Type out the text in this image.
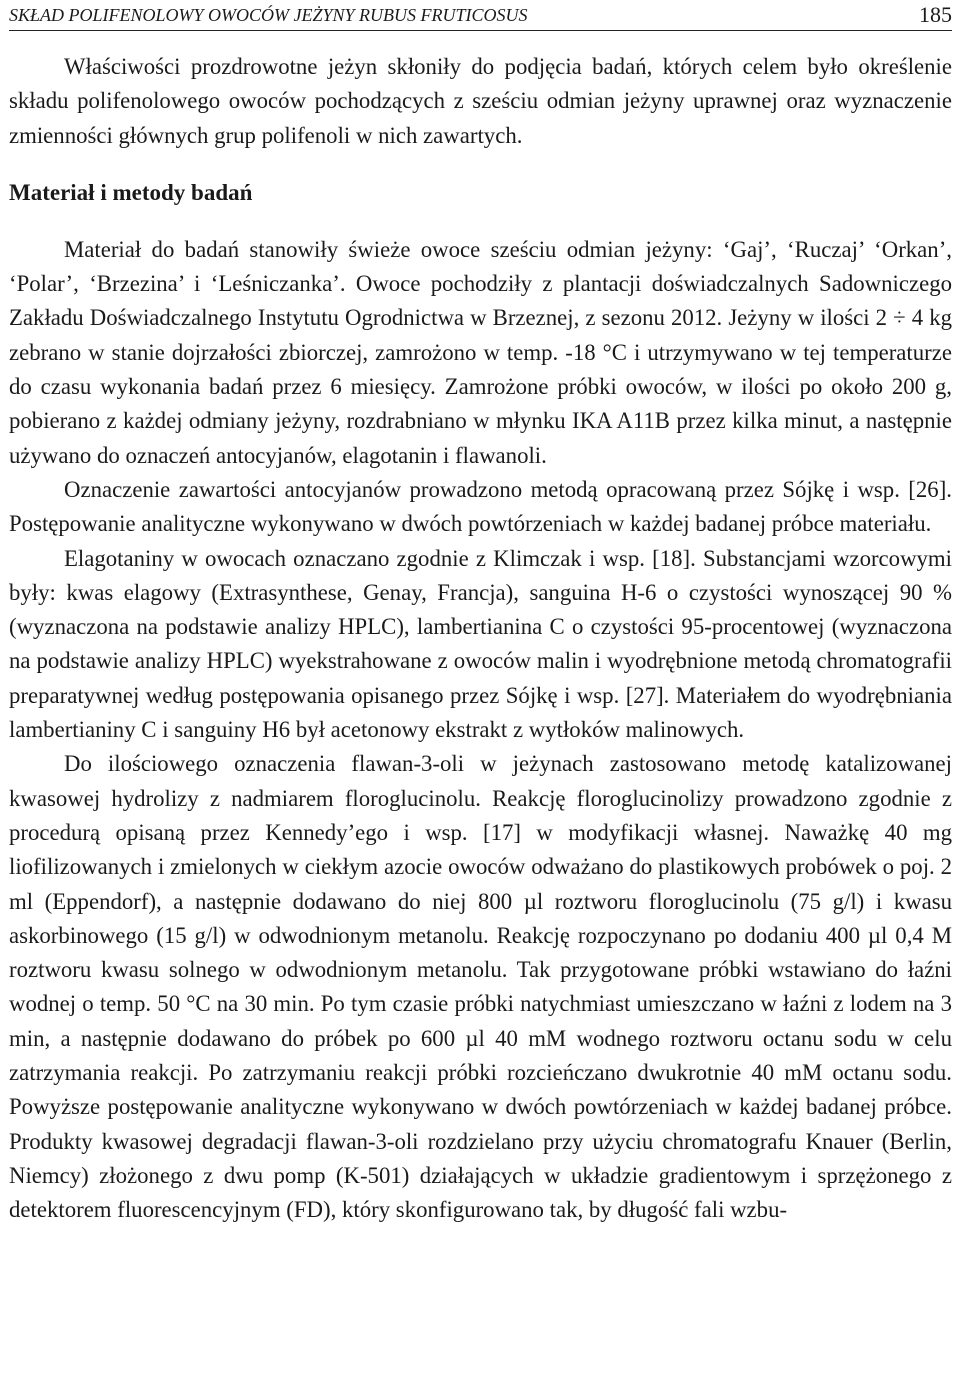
SKŁAD POLIFENOLOWY OWOCÓW JEŻYNY RUBUS FRUTICOSUS	185

Właściwości prozdrowotne jeżyn skłoniły do podjęcia badań, których celem było określenie składu polifenolowego owoców pochodzących z sześciu odmian jeżyny uprawnej oraz wyznaczenie zmienności głównych grup polifenoli w nich zawartych.

Materiał i metody badań

Materiał do badań stanowiły świeże owoce sześciu odmian jeżyny: ‘Gaj’, ‘Ruczaj’ ‘Orkan’, ‘Polar’, ‘Brzezina’ i ‘Leśniczanka’. Owoce pochodziły z plantacji doświadczalnych Sadowniczego Zakładu Doświadczalnego Instytutu Ogrodnictwa w Brzeznej, z sezonu 2012. Jeżyny w ilości 2 ÷ 4 kg zebrano w stanie dojrzałości zbiorczej, zamrożono w temp. -18 °C i utrzymywano w tej temperaturze do czasu wykonania badań przez 6 miesięcy. Zamrożone próbki owoców, w ilości po około 200 g, pobierano z każdej odmiany jeżyny, rozdrabniano w młynku IKA A11B przez kilka minut, a następnie używano do oznaczeń antocyjanów, elagotanin i flawanoli.

Oznaczenie zawartości antocyjanów prowadzono metodą opracowaną przez Sójkę i wsp. [26]. Postępowanie analityczne wykonywano w dwóch powtórzeniach w każdej badanej próbce materiału.

Elagotaniny w owocach oznaczano zgodnie z Klimczak i wsp. [18]. Substancjami wzorcowymi były: kwas elagowy (Extrasynthese, Genay, Francja), sanguina H-6 o czystości wynoszącej 90 % (wyznaczona na podstawie analizy HPLC), lambertianina C o czystości 95-procentowej (wyznaczona na podstawie analizy HPLC) wyekstrahowane z owoców malin i wyodrębnione metodą chromatografii preparatywnej według postępowania opisanego przez Sójkę i wsp. [27]. Materiałem do wyodrębniania lambertianiny C i sanguiny H6 był acetonowy ekstrakt z wytłoków malinowych.

Do ilościowego oznaczenia flawan-3-oli w jeżynach zastosowano metodę katalizowanej kwasowej hydrolizy z nadmiarem floroglucinolu. Reakcję floroglucinolizy prowadzono zgodnie z procedurą opisaną przez Kennedy’ego i wsp. [17] w modyfikacji własnej. Naważkę 40 mg liofilizowanych i zmielonych w ciekłym azocie owoców odważano do plastikowych probówek o poj. 2 ml (Eppendorf), a następnie dodawano do niej 800 µl roztworu floroglucinolu (75 g/l) i kwasu askorbinowego (15 g/l) w odwodnionym metanolu. Reakcję rozpoczynano po dodaniu 400 µl 0,4 M roztworu kwasu solnego w odwodnionym metanolu. Tak przygotowane próbki wstawiano do łaźni wodnej o temp. 50 °C na 30 min. Po tym czasie próbki natychmiast umieszczano w łaźni z lodem na 3 min, a następnie dodawano do próbek po 600 µl 40 mM wodnego roztworu octanu sodu w celu zatrzymania reakcji. Po zatrzymaniu reakcji próbki rozcieńczano dwukrotnie 40 mM octanu sodu. Powyższe postępowanie analityczne wykonywano w dwóch powtórzeniach w każdej badanej próbce. Produkty kwasowej degradacji flawan-3-oli rozdzielano przy użyciu chromatografu Knauer (Berlin, Niemcy) złożonego z dwu pomp (K-501) działających w układzie gradientowym i sprzężonego z detektorem fluorescencyjnym (FD), który skonfigurowano tak, by długość fali wzbu-
